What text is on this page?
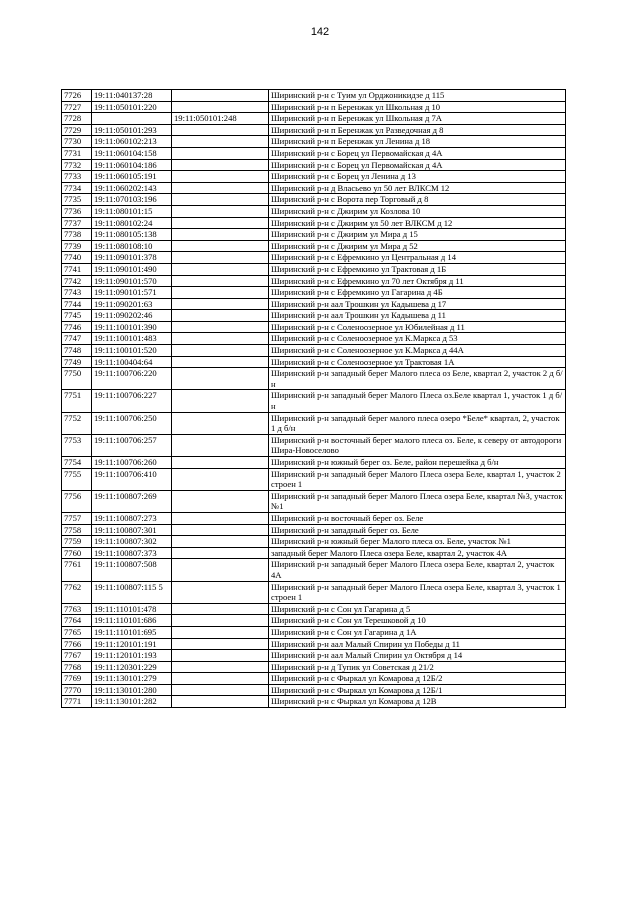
142
7726	19:11:040137:28		Ширинский р-н с Туим ул Орджоникидзе д 115
7727	19:11:050101:220		Ширинский р-н п Беренжак ул Школьная д 10
7728		19:11:050101:248	Ширинский р-н п Беренжак ул Школьная д 7А
7729	19:11:050101:293		Ширинский р-н п Беренжак ул Разведочная д 8
7730	19:11:060102:213		Ширинский р-н п Беренжак ул Ленина д 18
7731	19:11:060104:158		Ширинский р-н с Борец ул Первомайская д 4А
7732	19:11:060104:186		Ширинский р-н с Борец ул Первомайская д 4А
7733	19:11:060105:191		Ширинский р-н с Борец ул Ленина д 13
7734	19:11:060202:143		Ширинский р-н д Власьево ул 50 лет ВЛКСМ 12
7735	19:11:070103:196		Ширинский р-н с Ворота пер Торговый д 8
7736	19:11:080101:15		Ширинский р-н с Джирим ул Козлова 10
7737	19:11:080102:24		Ширинский р-н с Джирим ул 50 лет ВЛКСМ д 12
7738	19:11:080105:138		Ширинский р-н с Джирим ул Мира д 15
7739	19:11:080108:10		Ширинский р-н с Джирим ул Мира д 52
7740	19:11:090101:378		Ширинский р-н с Ефремкино ул Центральная д 14
7741	19:11:090101:490		Ширинский р-н с Ефремкино ул Трактовая д 1Б
7742	19:11:090101:570		Ширинский р-н с Ефремкино ул 70 лет Октября д 11
7743	19:11:090101:571		Ширинский р-н с Ефремкино ул Гагарина д 4Б
7744	19:11:090201:63		Ширинский р-н аал Трошкин ул Кадышева д 17
7745	19:11:090202:46		Ширинский р-н аал Трошкин ул Кадышева д 11
7746	19:11:100101:390		Ширинский р-н с Соленоозерное ул Юбилейная д 11
7747	19:11:100101:483		Ширинский р-н с Соленоозерное ул К.Маркса д 53
7748	19:11:100101:520		Ширинский р-н с Соленоозерное ул К.Маркса д 44А
7749	19:11:100404:64		Ширинский р-н с Соленоозерное ул Трактовая 1А
7750	19:11:100706:220		Ширинский р-н западный берег Малого плеса оз Беле, квартал 2, участок 2 д б/н
7751	19:11:100706:227		Ширинский р-н западный берег Малого Плеса оз.Беле квартал 1, участок 1 д б/н
7752	19:11:100706:250		Ширинский р-н западный берег малого плеса озеро *Беле* квартал, 2, участок 1 д б/н
7753	19:11:100706:257		Ширинский р-н восточный берег малого плеса оз. Беле, к северу от автодороги Шира-Новоселово
7754	19:11:100706:260		Ширинский р-н южный берег оз. Беле, район перешейка д б/н
7755	19:11:100706:410		Ширинский р-н западный берег Малого Плеса озера Беле, квартал 1, участок 2 строен 1
7756	19:11:100807:269		Ширинский р-н западный берег Малого Плеса озера Беле, квартал №3, участок №1
7757	19:11:100807:273		Ширинский р-н восточный берег оз. Беле
7758	19:11:100807:301		Ширинский р-н западный берег оз. Беле
7759	19:11:100807:302		Ширинский р-н южный берег Малого плеса оз. Беле, участок №1
7760	19:11:100807:373		западный берег Малого Плеса озера Беле, квартал 2, участок 4А
7761	19:11:100807:508		Ширинский р-н западный берег Малого Плеса озера Беле, квартал 2, участок 4А
7762	19:11:100807:115 5		Ширинский р-н западный берег Малого Плеса озера Беле, квартал 3, участок 1 строен 1
7763	19:11:110101:478		Ширинский р-н с Сон ул Гагарина д 5
7764	19:11:110101:686		Ширинский р-н с Сон ул Терешковой д 10
7765	19:11:110101:695		Ширинский р-н с Сон ул Гагарина д 1А
7766	19:11:120101:191		Ширинский р-н аал Малый Спирин ул Победы д 11
7767	19:11:120101:193		Ширинский р-н аал Малый Спирин ул Октября д 14
7768	19:11:120301:229		Ширинский р-н д Тупик ул Советская д 21/2
7769	19:11:130101:279		Ширинский р-н с Фыркал ул Комарова д 12Б/2
7770	19:11:130101:280		Ширинский р-н с Фыркал ул Комарова д 12Б/1
7771	19:11:130101:282		Ширинский р-н с Фыркал ул Комарова д 12В
